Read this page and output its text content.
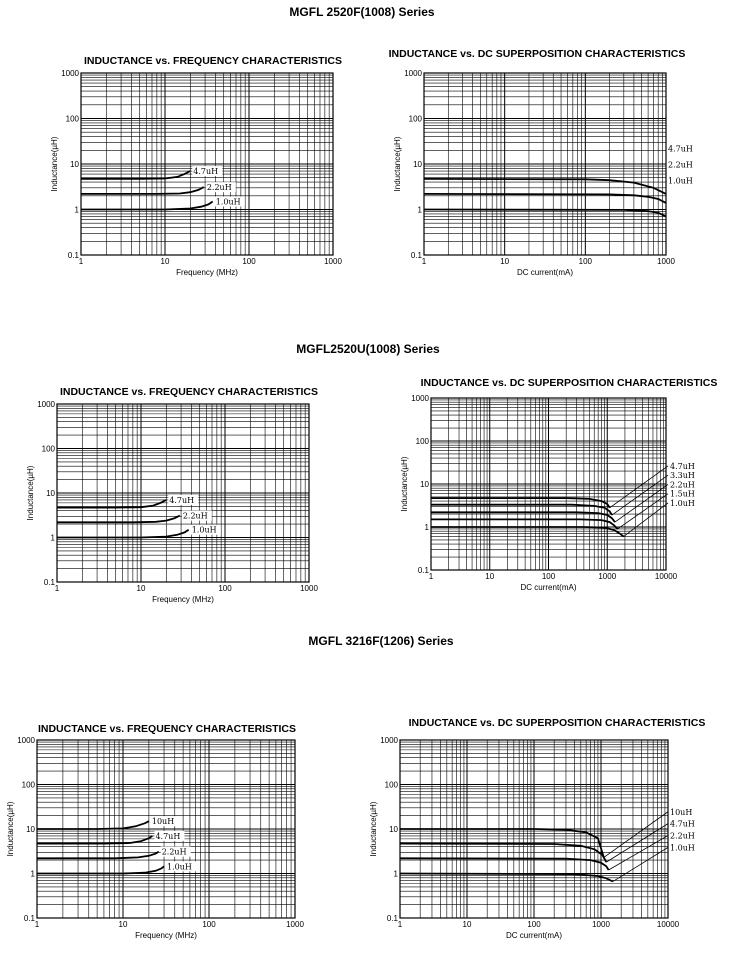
MGFL 2520F(1008) Series
MGFL2520U(1008) Series
MGFL 3216F(1206) Series
INDUCTANCE vs. FREQUENCY CHARACTERISTICS
1	10	100	1000
0.1
1
10
100
1000
Frequency (MHz)
Inductance(µH)	4.7uH
2.2uH
1.0uH
INDUCTANCE vs. DC SUPERPOSITION CHARACTERISTICS
1	10	100	1000
0.1
1
10
100
1000
DC current(mA)
Inductance(µH)	4.7uH
2.2uH
1.0uH
INDUCTANCE vs. FREQUENCY CHARACTERISTICS
1	10	100	1000
0.1
1
10
100
1000
Frequency (MHz)
Inductance(µH)	4.7uH
2.2uH
1.0uH
INDUCTANCE vs. DC SUPERPOSITION CHARACTERISTICS
1	10	100	1000	10000
0.1
1
10
100
1000
DC current(mA)
Inductance(µH)	4.7uH
3.3uH
2.2uH
1.5uH
1.0uH
INDUCTANCE vs. FREQUENCY CHARACTERISTICS
1	10	100	1000
0.1
1
10
100
1000
Frequency (MHz)
Inductance(µH)	10uH
4.7uH
2.2uH
1.0uH
INDUCTANCE vs. DC SUPERPOSITION CHARACTERISTICS
1	10	100	1000	10000
0.1
1
10
100
1000
DC current(mA)
Inductance(µH)	10uH
4.7uH
2.2uH
1.0uH
